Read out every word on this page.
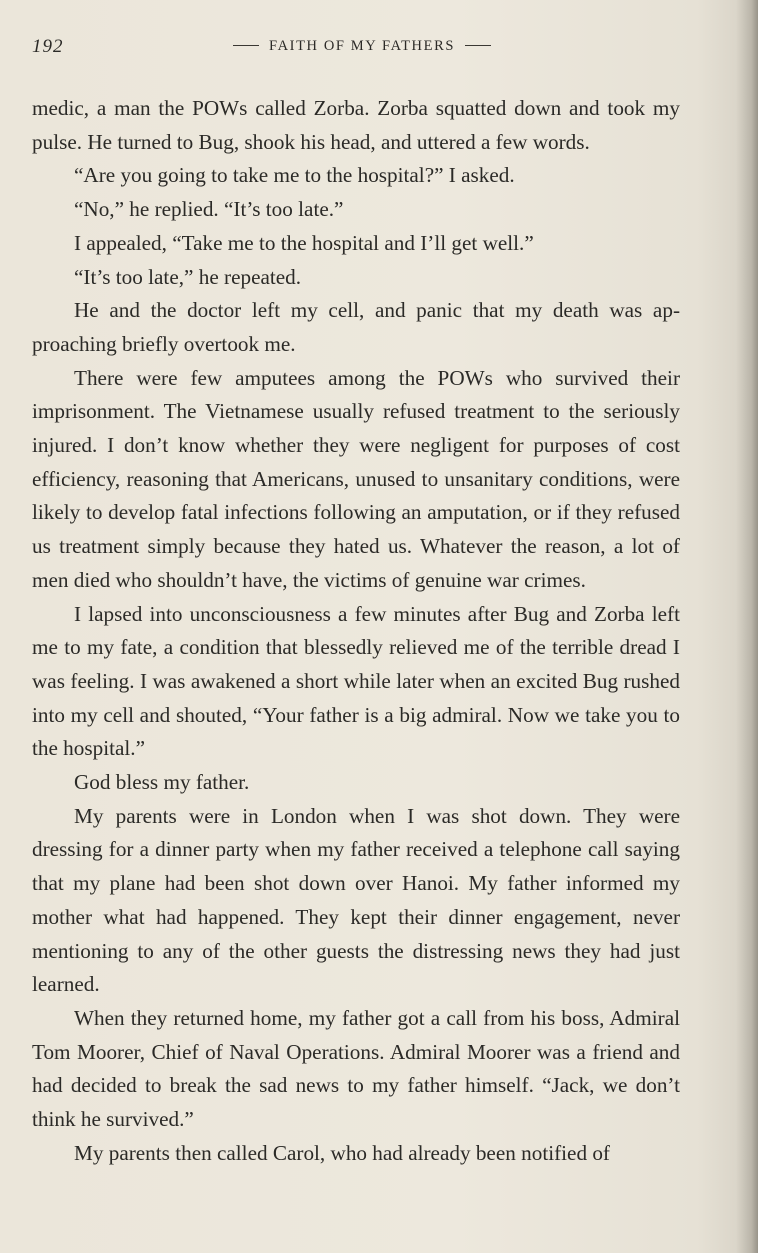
192	FAITH OF MY FATHERS

medic, a man the POWs called Zorba. Zorba squatted down and took my pulse. He turned to Bug, shook his head, and uttered a few words.

“Are you going to take me to the hospital?” I asked.

“No,” he replied. “It’s too late.”

I appealed, “Take me to the hospital and I’ll get well.”

“It’s too late,” he repeated.

He and the doctor left my cell, and panic that my death was approaching briefly overtook me.

There were few amputees among the POWs who survived their imprisonment. The Vietnamese usually refused treatment to the seriously injured. I don’t know whether they were negligent for purposes of cost efficiency, reasoning that Americans, unused to unsanitary conditions, were likely to develop fatal infections following an amputation, or if they refused us treatment simply because they hated us. Whatever the reason, a lot of men died who shouldn’t have, the victims of genuine war crimes.

I lapsed into unconsciousness a few minutes after Bug and Zorba left me to my fate, a condition that blessedly relieved me of the terrible dread I was feeling. I was awakened a short while later when an excited Bug rushed into my cell and shouted, “Your father is a big admiral. Now we take you to the hospital.”

God bless my father.

My parents were in London when I was shot down. They were dressing for a dinner party when my father received a telephone call saying that my plane had been shot down over Hanoi. My father informed my mother what had happened. They kept their dinner engagement, never mentioning to any of the other guests the distressing news they had just learned.

When they returned home, my father got a call from his boss, Admiral Tom Moorer, Chief of Naval Operations. Admiral Moorer was a friend and had decided to break the sad news to my father himself. “Jack, we don’t think he survived.”

My parents then called Carol, who had already been notified of
